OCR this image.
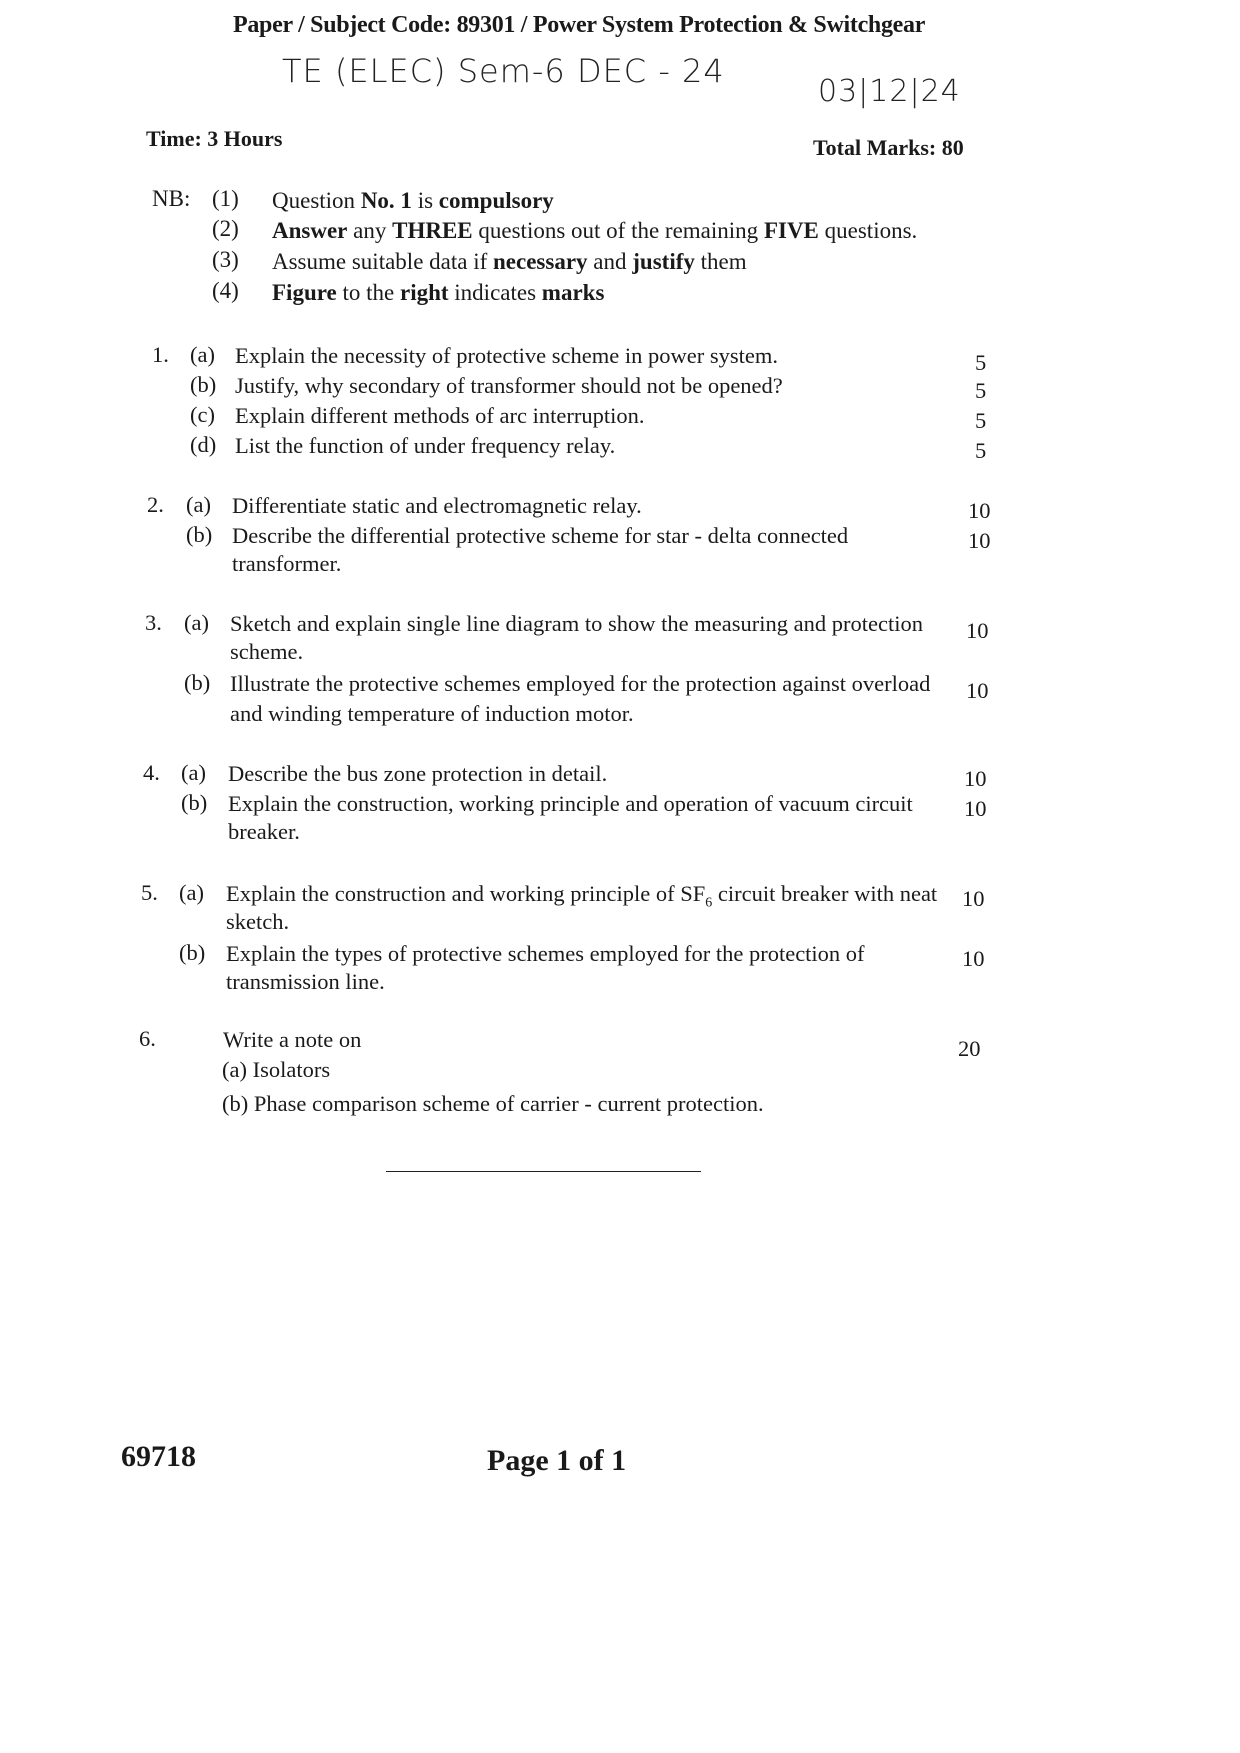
Paper / Subject Code: 89301 / Power System Protection & Switchgear
TE (ELEC) Sem-6 DEC - 24
03|12|24
Time: 3 Hours	Total Marks: 80
NB: (1) Question No. 1 is compulsory
(2) Answer any THREE questions out of the remaining FIVE questions.
(3) Assume suitable data if necessary and justify them
(4) Figure to the right indicates marks
1. (a) Explain the necessity of protective scheme in power system.	5
(b) Justify, why secondary of transformer should not be opened?	5
(c) Explain different methods of arc interruption.	5
(d) List the function of under frequency relay.	5
2. (a) Differentiate static and electromagnetic relay.	10
(b) Describe the differential protective scheme for star - delta connected
transformer.
10
3. (a) Sketch and explain single line diagram to show the measuring and protection
scheme.
10
(b) Illustrate the protective schemes employed for the protection against overload
and winding temperature of induction motor.
10
4. (a) Describe the bus zone protection in detail.	10
(b) Explain the construction, working principle and operation of vacuum circuit
breaker.
10
5. (a) Explain the construction and working principle of $SF_6$ circuit breaker with neat
sketch.
10
(b) Explain the types of protective schemes employed for the protection of
transmission line.
10
6.	Write a note on	20
(a) Isolators
(b) Phase comparison scheme of carrier - current protection.
69718	Page 1 of 1
